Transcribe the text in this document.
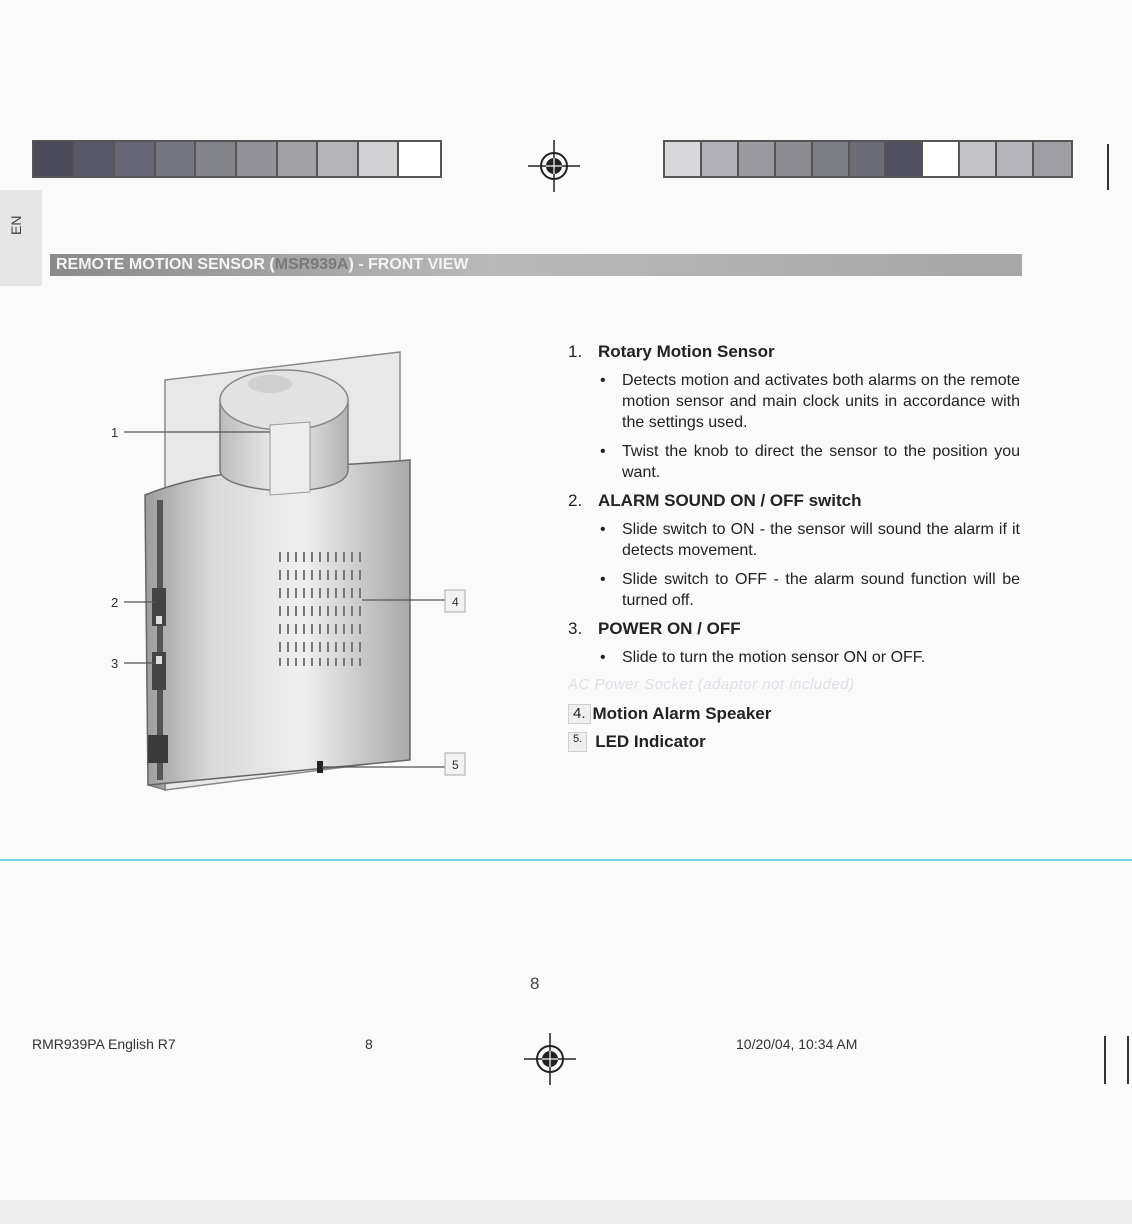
EN
REMOTE MOTION SENSOR (MSR939A) - FRONT VIEW
1
2
3
4
5
1. Rotary Motion Sensor
•	Detects motion and activates both alarms on the remote motion sensor and main clock units in accordance with the settings used.
•	Twist the knob to direct the sensor to the position you want.
2. ALARM SOUND ON / OFF switch
•	Slide switch to ON - the sensor will sound the alarm if it detects movement.
•	Slide switch to OFF - the alarm sound function will be turned off.
3. POWER ON / OFF
•	Slide to turn the motion sensor ON or OFF.
AC Power Socket (adaptor not included)
4. Motion Alarm Speaker
5. LED Indicator
8
RMR939PA English R7	8	10/20/04, 10:34 AM
